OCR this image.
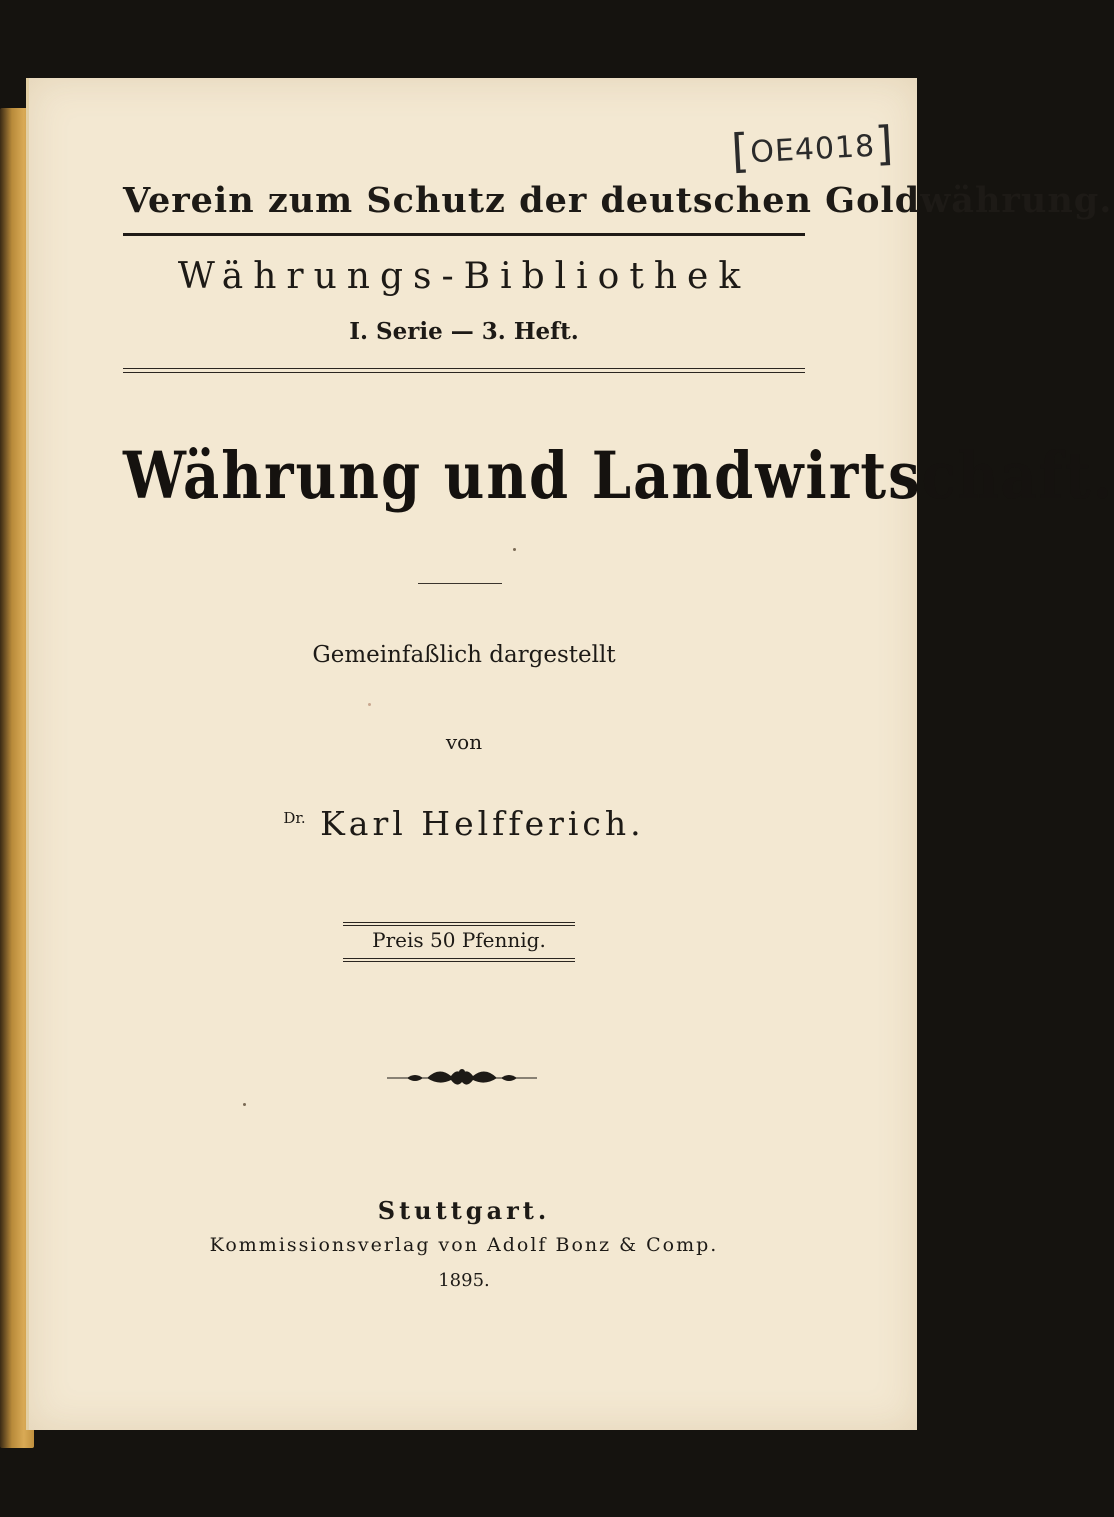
[OE4018]
Verein zum Schutz der deutschen Goldwährung.
Währungs-Bibliothek
I. Serie — 3. Heft.
Währung und Landwirtschaft.
Gemeinfaßlich dargestellt
von
$^{Dr.}$ Karl Helfferich.
Preis 50 Pfennig.
Stuttgart.
Kommissionsverlag von Adolf Bonz & Comp.
1895.
